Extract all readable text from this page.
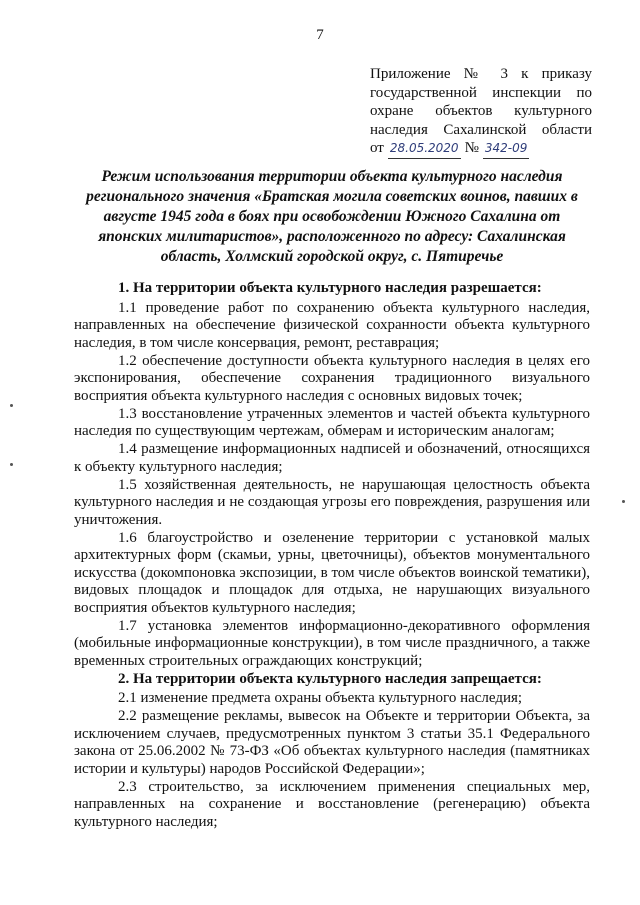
7
Приложение № 3 к приказу
государственной инспекции по
охране объектов культурного
наследия Сахалинской области
от 28.05.2020 № 342-09
Режим использования территории объекта культурного наследия регионального значения «Братская могила советских воинов, павших в августе 1945 года в боях при освобождении Южного Сахалина от японских милитаристов», расположенного по адресу: Сахалинская область, Холмский городской округ, с. Пятиречье

1. На территории объекта культурного наследия разрешается:

1.1 проведение работ по сохранению объекта культурного наследия, направленных на обеспечение физической сохранности объекта культурного наследия, в том числе консервация, ремонт, реставрация;

1.2 обеспечение доступности объекта культурного наследия в целях его экспонирования, обеспечение сохранения традиционного визуального восприятия объекта культурного наследия с основных видовых точек;

1.3 восстановление утраченных элементов и частей объекта культурного наследия по существующим чертежам, обмерам и историческим аналогам;

1.4 размещение информационных надписей и обозначений, относящихся к объекту культурного наследия;

1.5 хозяйственная деятельность, не нарушающая целостность объекта культурного наследия и не создающая угрозы его повреждения, разрушения или уничтожения.

1.6 благоустройство и озеленение территории с установкой малых архитектурных форм (скамьи, урны, цветочницы), объектов монументального искусства (докомпоновка экспозиции, в том числе объектов воинской тематики), видовых площадок и площадок для отдыха, не нарушающих визуального восприятия объектов культурного наследия;

1.7 установка элементов информационно-декоративного оформления (мобильные информационные конструкции), в том числе праздничного, а также временных строительных ограждающих конструкций;

2. На территории объекта культурного наследия запрещается:

2.1 изменение предмета охраны объекта культурного наследия;

2.2 размещение рекламы, вывесок на Объекте и территории Объекта, за исключением случаев, предусмотренных пунктом 3 статьи 35.1 Федерального закона от 25.06.2002 № 73-ФЗ «Об объектах культурного наследия (памятниках истории и культуры) народов Российской Федерации»;

2.3 строительство, за исключением применения специальных мер, направленных на сохранение и восстановление (регенерацию) объекта культурного наследия;
